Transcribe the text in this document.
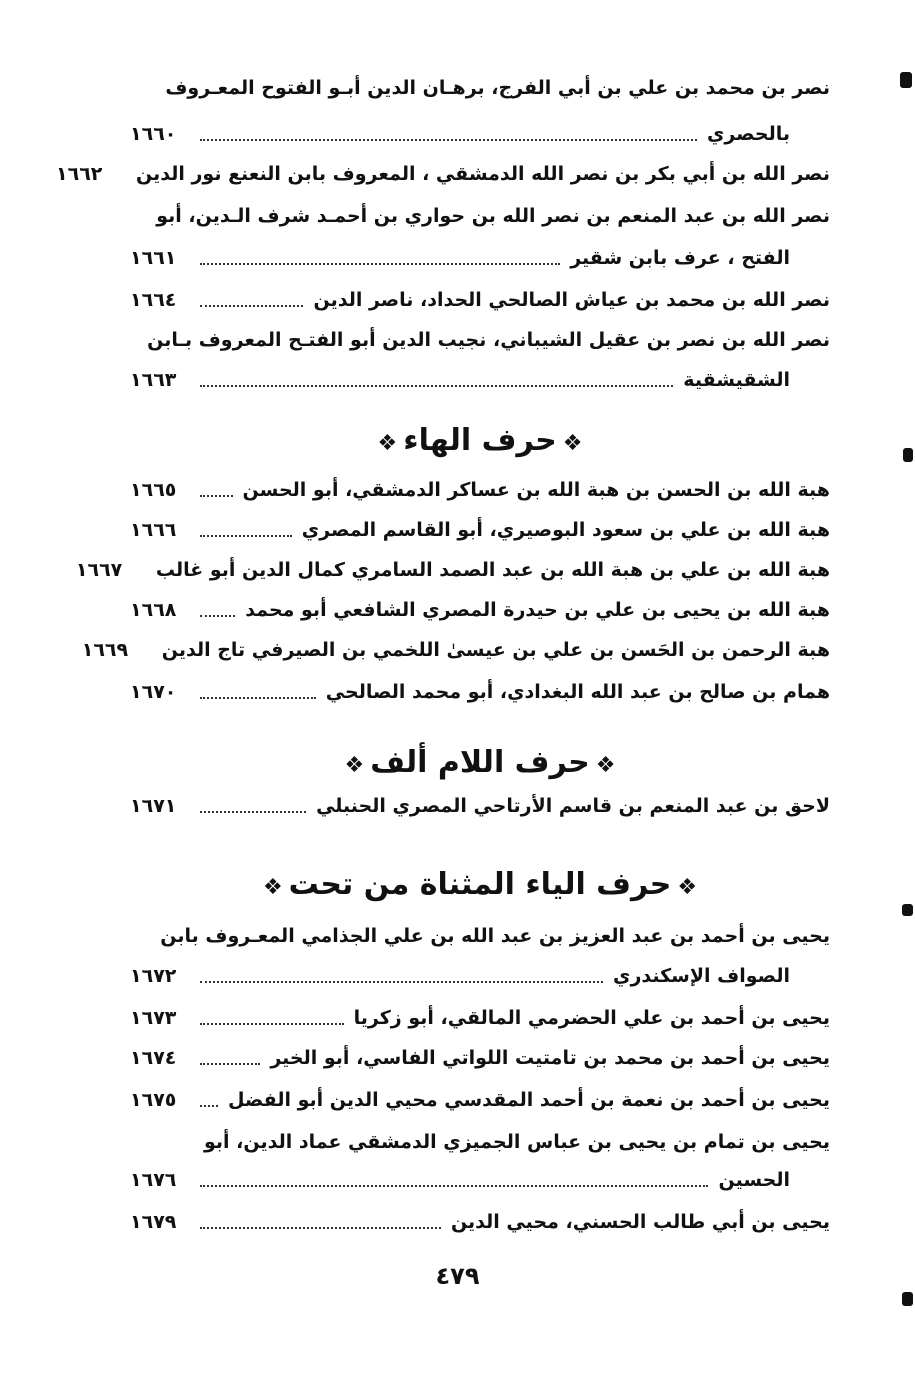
نصر بن محمد بن علي بن أبي الفرج، برهـان الدين أبـو الفتوح المعـروف
بالحصري
١٦٦٠
نصر الله بن أبي بكر بن نصر الله الدمشقي ، المعروف بابن النعنع نور الدين
١٦٦٢
نصر الله بن عبد المنعم بن نصر الله بن حواري بن أحمـد شرف الـدين، أبو
الفتح ، عرف بابن شقير
١٦٦١
نصر الله بن محمد بن عياش الصالحي الحداد، ناصر الدين
١٦٦٤
نصر الله بن نصر بن عقيل الشيباني، نجيب الدين أبو الفتـح المعروف بـابن
الشقيشقية
١٦٦٣
❖حرف الهاء❖
هبة الله بن الحسن بن هبة الله بن عساكر الدمشقي، أبو الحسن
١٦٦٥
هبة الله بن علي بن سعود البوصيري، أبو القاسم المصري
١٦٦٦
هبة الله بن علي بن هبة الله بن عبد الصمد السامري كمال الدين أبو غالب
١٦٦٧
هبة الله بن يحيى بن علي بن حيدرة المصري الشافعي أبو محمد
١٦٦٨
هبة الرحمن بن الحَسن بن علي بن عيسىٰ اللخمي بن الصيرفي تاج الدين
١٦٦٩
همام بن صالح بن عبد الله البغدادي، أبو محمد الصالحي
١٦٧٠
❖حرف اللام ألف❖
لاحق بن عبد المنعم بن قاسم الأرتاحي المصري الحنبلي
١٦٧١
❖حرف الياء المثناة من تحت❖
يحيى بن أحمد بن عبد العزيز بن عبد الله بن علي الجذامي المعـروف بابن
الصواف الإسكندري
١٦٧٢
يحيى بن أحمد بن علي الحضرمي المالقي، أبو زكريا
١٦٧٣
يحيى بن أحمد بن محمد بن تامتيت اللواتي الفاسي، أبو الخير
١٦٧٤
يحيى بن أحمد بن نعمة بن أحمد المقدسي محيي الدين أبو الفضل
١٦٧٥
يحيى بن تمام بن يحيى بن عباس الجميزي الدمشقي عماد الدين، أبو
الحسين
١٦٧٦
يحيى بن أبي طالب الحسني، محيي الدين
١٦٧٩
٤٧٩
